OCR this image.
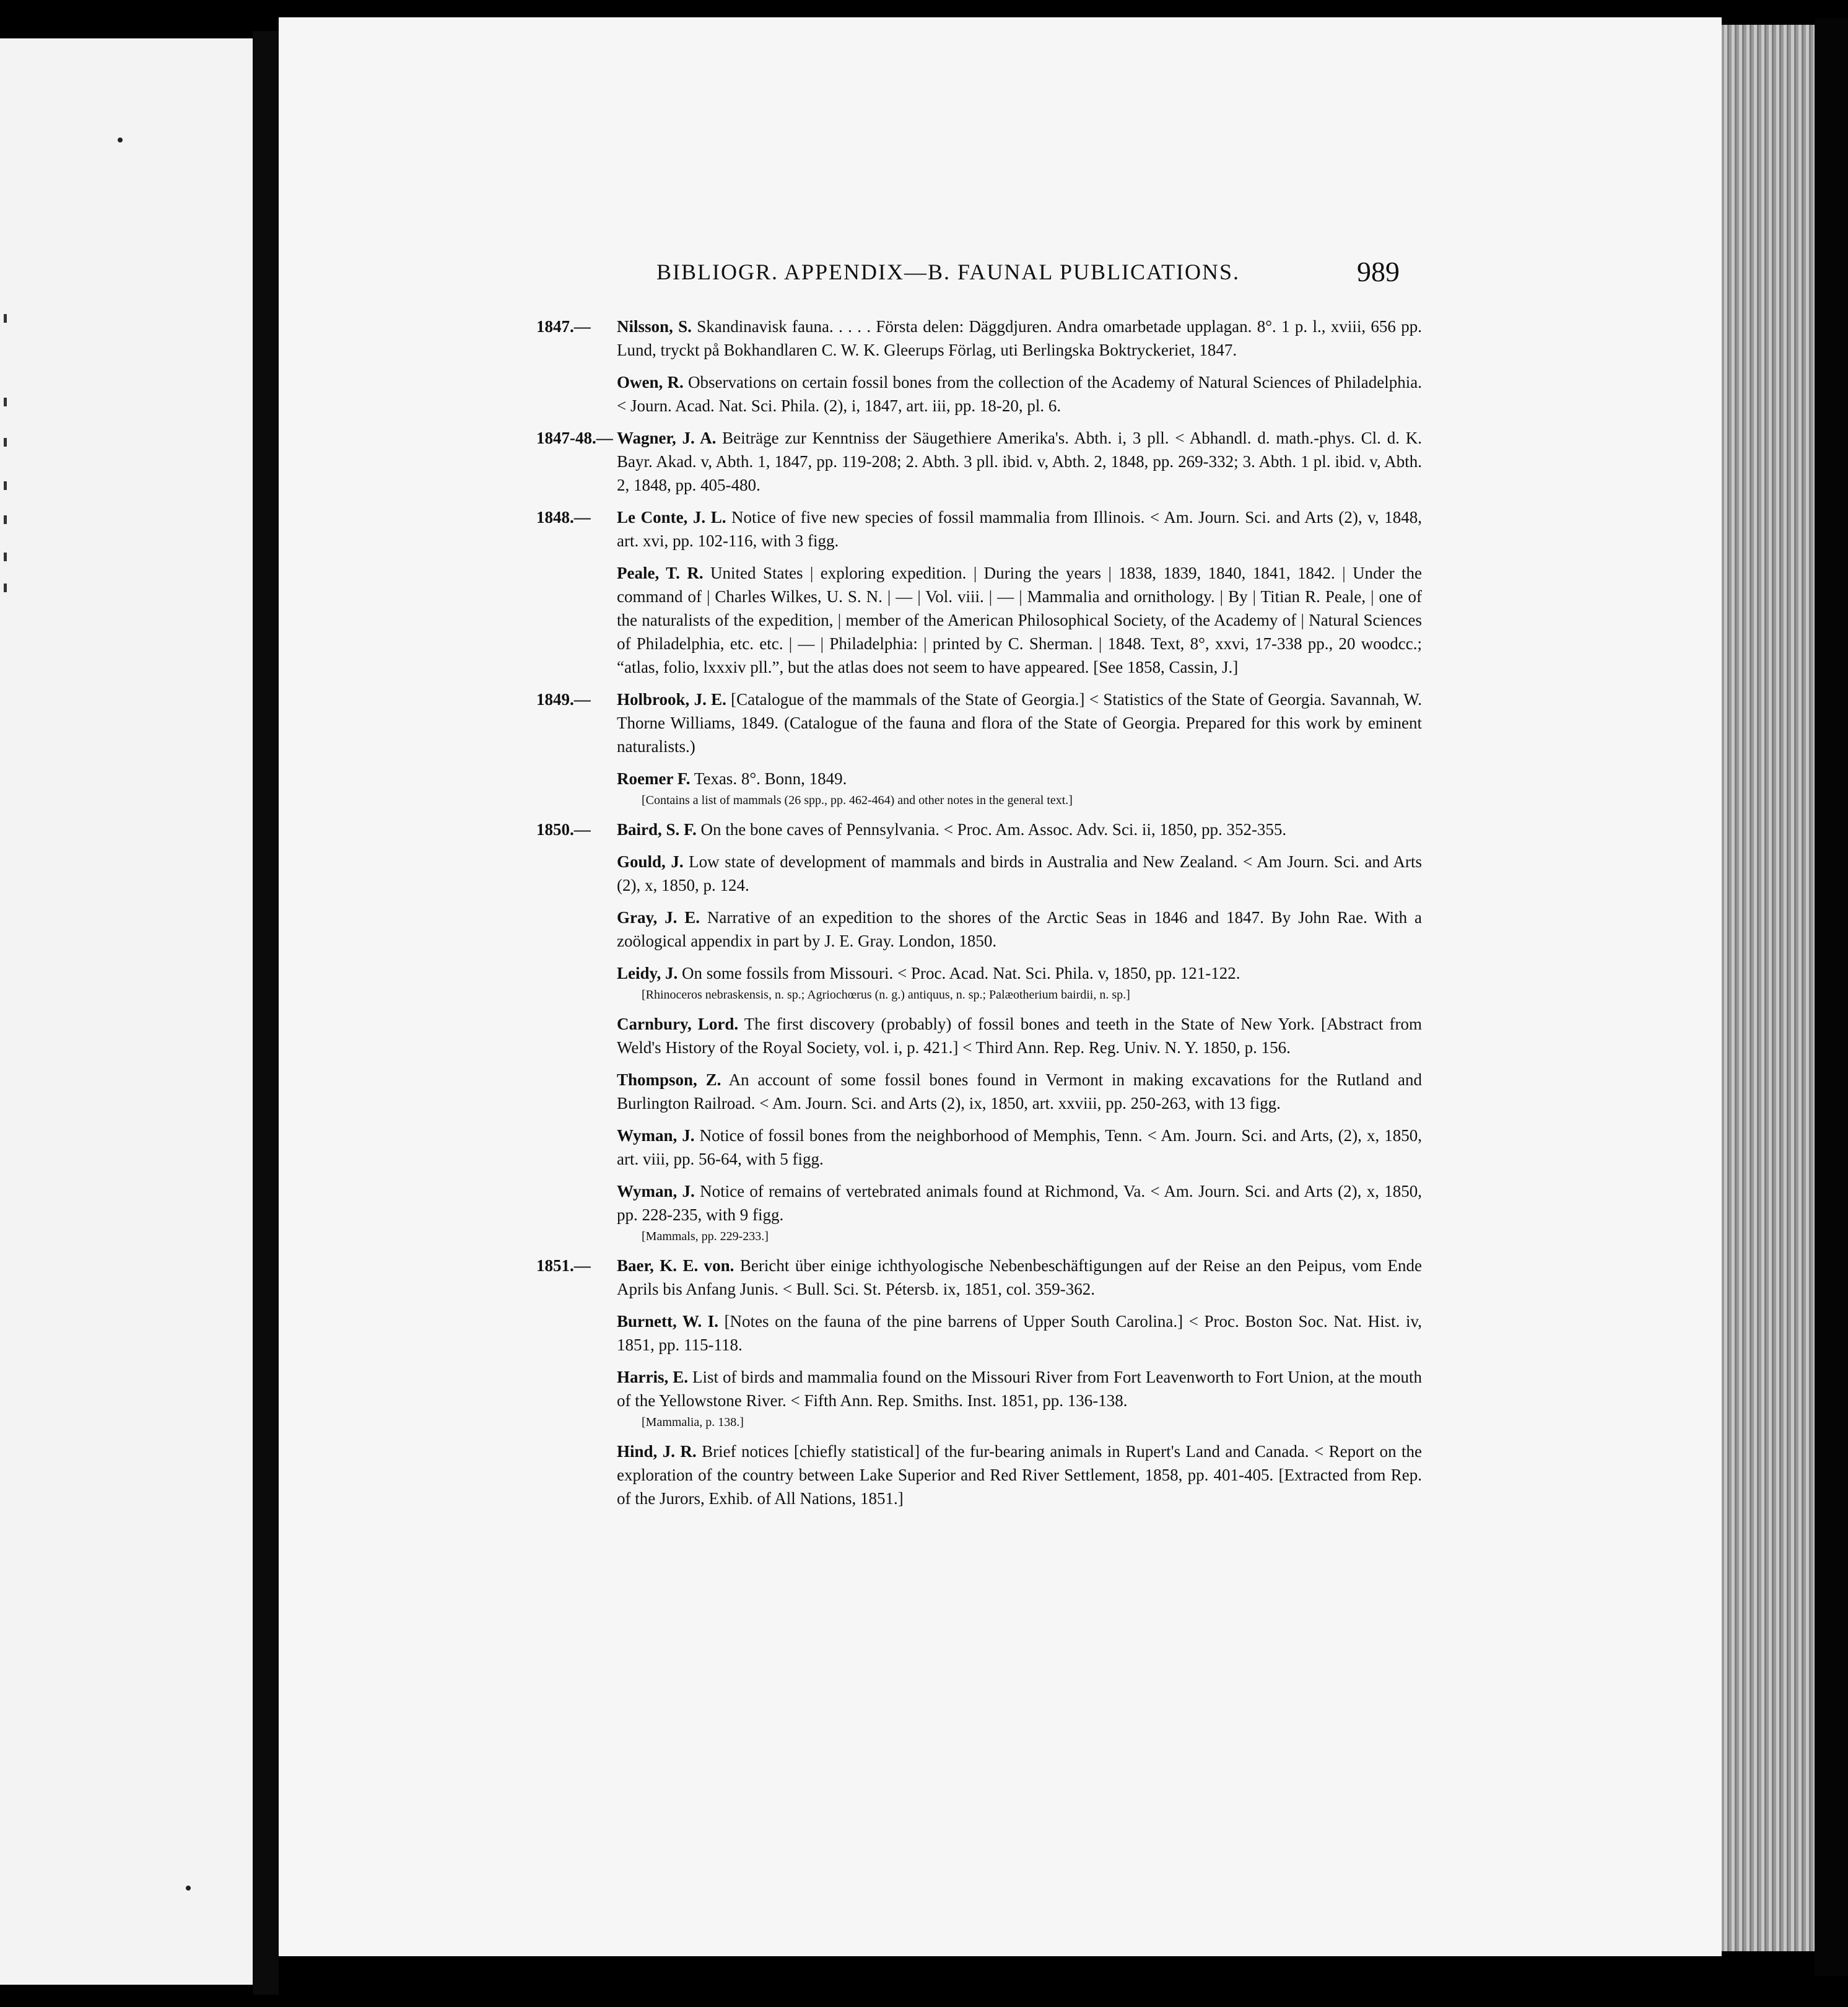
BIBLIOGR. APPENDIX—B. FAUNAL PUBLICATIONS.	989
1847.— Nilsson, S. Skandinavisk fauna. . . . . Första delen: Däggdjuren. Andra omarbetade upplagan. 8°. 1 p. l., xviii, 656 pp. Lund, tryckt på Bokhandlaren C. W. K. Gleerups Förlag, uti Berlingska Boktryckeriet, 1847.
Owen, R. Observations on certain fossil bones from the collection of the Academy of Natural Sciences of Philadelphia. < Journ. Acad. Nat. Sci. Phila. (2), i, 1847, art. iii, pp. 18-20, pl. 6.
1847-48.— Wagner, J. A. Beiträge zur Kenntniss der Säugethiere Amerika's. Abth. i, 3 pll. < Abhandl. d. math.-phys. Cl. d. K. Bayr. Akad. v, Abth. 1, 1847, pp. 119-208; 2. Abth. 3 pll. ibid. v, Abth. 2, 1848, pp. 269-332; 3. Abth. 1 pl. ibid. v, Abth. 2, 1848, pp. 405-480.
1848.— Le Conte, J. L. Notice of five new species of fossil mammalia from Illinois. < Am. Journ. Sci. and Arts (2), v, 1848, art. xvi, pp. 102-116, with 3 figg.
Peale, T. R. United States | exploring expedition. | During the years | 1838, 1839, 1840, 1841, 1842. | Under the command of | Charles Wilkes, U. S. N. | — | Vol. viii. | — | Mammalia and ornithology. | By | Titian R. Peale, | one of the naturalists of the expedition, | member of the American Philosophical Society, of the Academy of | Natural Sciences of Philadelphia, etc. etc. | — | Philadelphia: | printed by C. Sherman. | 1848. Text, 8°, xxvi, 17-338 pp., 20 woodcc.; “atlas, folio, lxxxiv pll.”, but the atlas does not seem to have appeared. [See 1858, Cassin, J.]
1849.— Holbrook, J. E. [Catalogue of the mammals of the State of Georgia.] < Statistics of the State of Georgia. Savannah, W. Thorne Williams, 1849. (Catalogue of the fauna and flora of the State of Georgia. Prepared for this work by eminent naturalists.)
Roemer F. Texas. 8°. Bonn, 1849.
[Contains a list of mammals (26 spp., pp. 462-464) and other notes in the general text.]
1850.— Baird, S. F. On the bone caves of Pennsylvania. < Proc. Am. Assoc. Adv. Sci. ii, 1850, pp. 352-355.
Gould, J. Low state of development of mammals and birds in Australia and New Zealand. < Am Journ. Sci. and Arts (2), x, 1850, p. 124.
Gray, J. E. Narrative of an expedition to the shores of the Arctic Seas in 1846 and 1847. By John Rae. With a zoölogical appendix in part by J. E. Gray. London, 1850.
Leidy, J. On some fossils from Missouri. < Proc. Acad. Nat. Sci. Phila. v, 1850, pp. 121-122.
[Rhinoceros nebraskensis, n. sp.; Agriochœrus (n. g.) antiquus, n. sp.; Palæotherium bairdii, n. sp.]
Carnbury, Lord. The first discovery (probably) of fossil bones and teeth in the State of New York. [Abstract from Weld's History of the Royal Society, vol. i, p. 421.] < Third Ann. Rep. Reg. Univ. N. Y. 1850, p. 156.
Thompson, Z. An account of some fossil bones found in Vermont in making excavations for the Rutland and Burlington Railroad. < Am. Journ. Sci. and Arts (2), ix, 1850, art. xxviii, pp. 250-263, with 13 figg.
Wyman, J. Notice of fossil bones from the neighborhood of Memphis, Tenn. < Am. Journ. Sci. and Arts, (2), x, 1850, art. viii, pp. 56-64, with 5 figg.
Wyman, J. Notice of remains of vertebrated animals found at Richmond, Va. < Am. Journ. Sci. and Arts (2), x, 1850, pp. 228-235, with 9 figg.
[Mammals, pp. 229-233.]
1851.— Baer, K. E. von. Bericht über einige ichthyologische Nebenbeschäftigungen auf der Reise an den Peipus, vom Ende Aprils bis Anfang Junis. < Bull. Sci. St. Pétersb. ix, 1851, col. 359-362.
Burnett, W. I. [Notes on the fauna of the pine barrens of Upper South Carolina.] < Proc. Boston Soc. Nat. Hist. iv, 1851, pp. 115-118.
Harris, E. List of birds and mammalia found on the Missouri River from Fort Leavenworth to Fort Union, at the mouth of the Yellowstone River. < Fifth Ann. Rep. Smiths. Inst. 1851, pp. 136-138.
[Mammalia, p. 138.]
Hind, J. R. Brief notices [chiefly statistical] of the fur-bearing animals in Rupert's Land and Canada. < Report on the exploration of the country between Lake Superior and Red River Settlement, 1858, pp. 401-405. [Extracted from Rep. of the Jurors, Exhib. of All Nations, 1851.]
